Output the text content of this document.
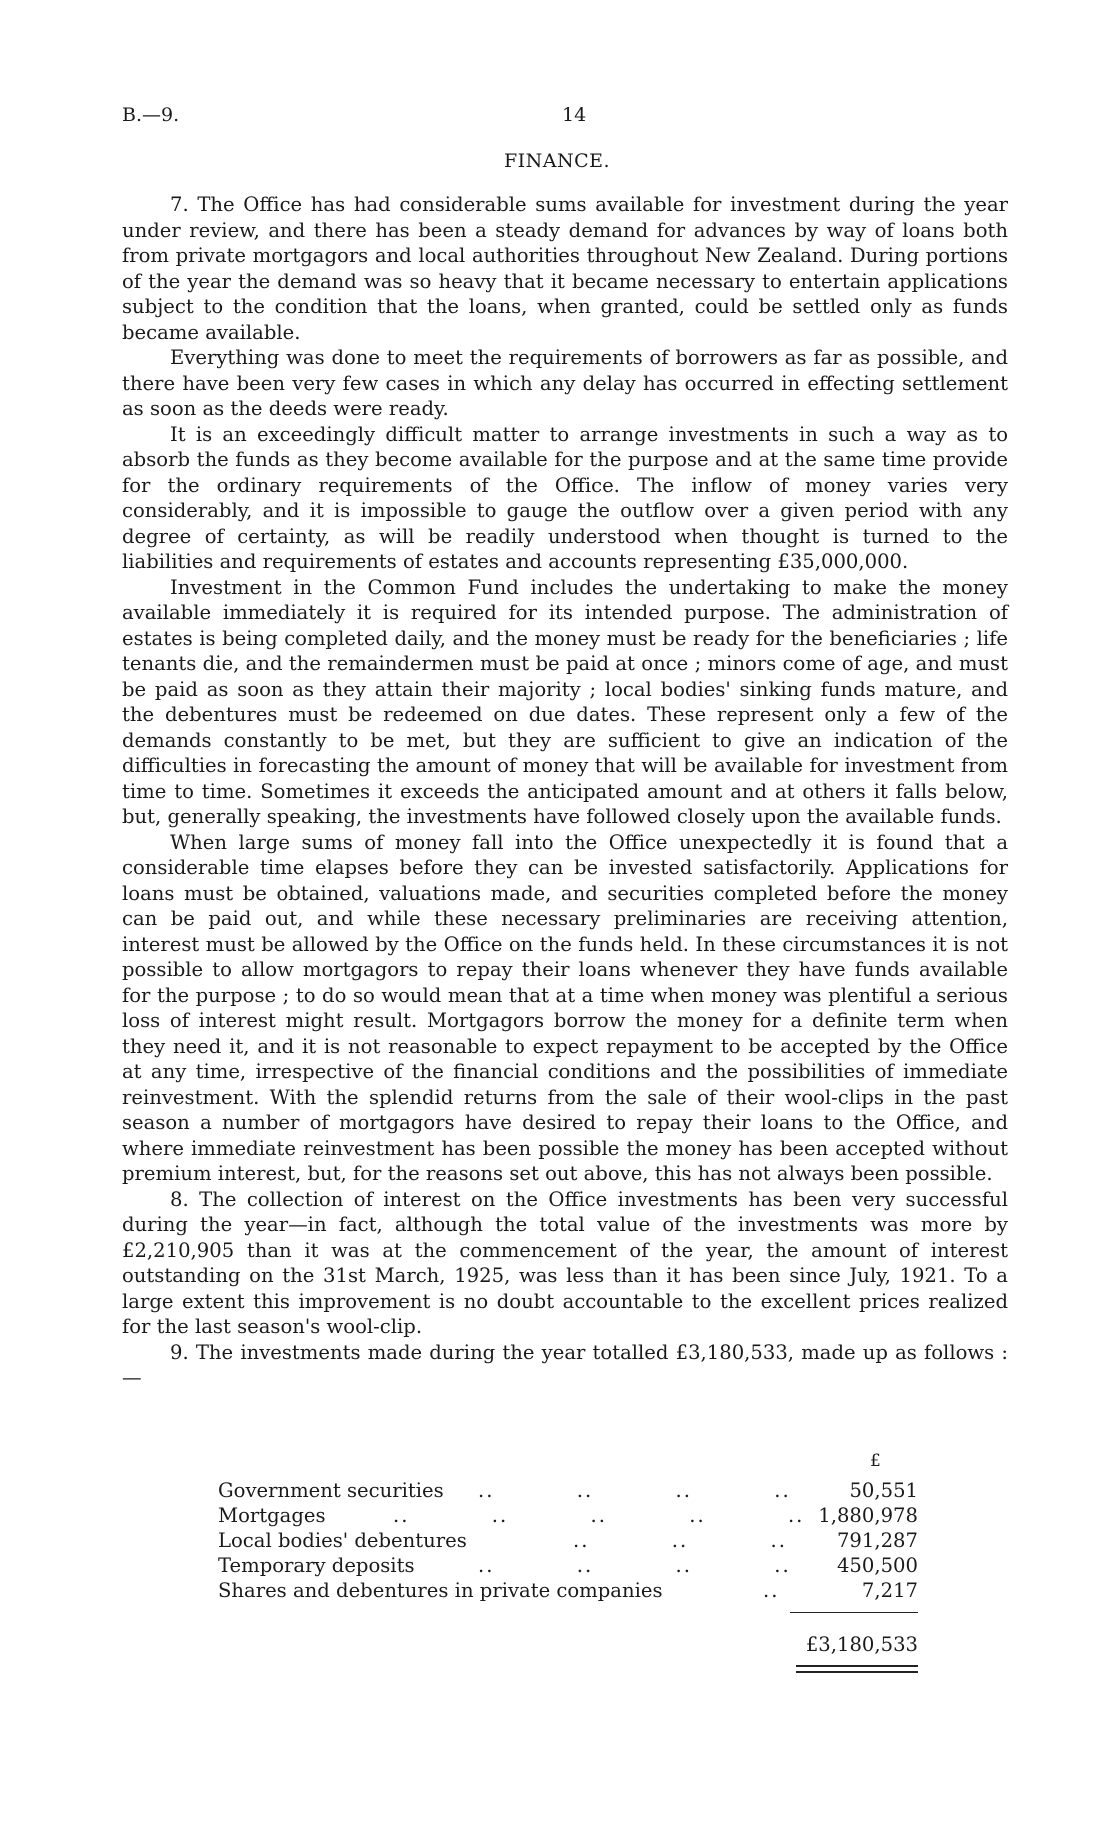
B.—9.	14
FINANCE.

7. The Office has had considerable sums available for investment during the year under review, and there has been a steady demand for advances by way of loans both from private mortgagors and local authorities throughout New Zealand. During portions of the year the demand was so heavy that it became necessary to entertain applications subject to the condition that the loans, when granted, could be settled only as funds became available.

Everything was done to meet the requirements of borrowers as far as possible, and there have been very few cases in which any delay has occurred in effecting settlement as soon as the deeds were ready.

It is an exceedingly difficult matter to arrange investments in such a way as to absorb the funds as they become available for the purpose and at the same time provide for the ordinary requirements of the Office. The inflow of money varies very considerably, and it is impossible to gauge the outflow over a given period with any degree of certainty, as will be readily understood when thought is turned to the liabilities and requirements of estates and accounts representing £35,000,000.

Investment in the Common Fund includes the undertaking to make the money available immediately it is required for its intended purpose. The administration of estates is being completed daily, and the money must be ready for the beneficiaries ; life tenants die, and the remaindermen must be paid at once ; minors come of age, and must be paid as soon as they attain their majority ; local bodies' sinking funds mature, and the debentures must be redeemed on due dates. These represent only a few of the demands constantly to be met, but they are sufficient to give an indication of the difficulties in forecasting the amount of money that will be available for investment from time to time. Sometimes it exceeds the anticipated amount and at others it falls below, but, generally speaking, the investments have followed closely upon the available funds.

When large sums of money fall into the Office unexpectedly it is found that a considerable time elapses before they can be invested satisfactorily. Applications for loans must be obtained, valuations made, and securities completed before the money can be paid out, and while these necessary preliminaries are receiving attention, interest must be allowed by the Office on the funds held. In these circumstances it is not possible to allow mortgagors to repay their loans whenever they have funds available for the purpose ; to do so would mean that at a time when money was plentiful a serious loss of interest might result. Mortgagors borrow the money for a definite term when they need it, and it is not reasonable to expect repayment to be accepted by the Office at any time, irrespective of the financial conditions and the possibilities of immediate reinvestment. With the splendid returns from the sale of their wool-clips in the past season a number of mortgagors have desired to repay their loans to the Office, and where immediate reinvestment has been possible the money has been accepted without premium interest, but, for the reasons set out above, this has not always been possible.

8. The collection of interest on the Office investments has been very successful during the year—in fact, although the total value of the investments was more by £2,210,905 than it was at the commencement of the year, the amount of interest outstanding on the 31st March, 1925, was less than it has been since July, 1921. To a large extent this improvement is no doubt accountable to the excellent prices realized for the last season's wool-clip.

9. The investments made during the year totalled £3,180,533, made up as follows :—

£
Government securities ..          ..          ..          ..	50,551
Mortgages	..          ..          ..          ..          .. 1,880,978
Local bodies' debentures	..          ..          ..	791,287
Temporary deposits	..          ..          ..          .. 450,500
Shares and debentures in private companies	..	7,217
£3,180,533
